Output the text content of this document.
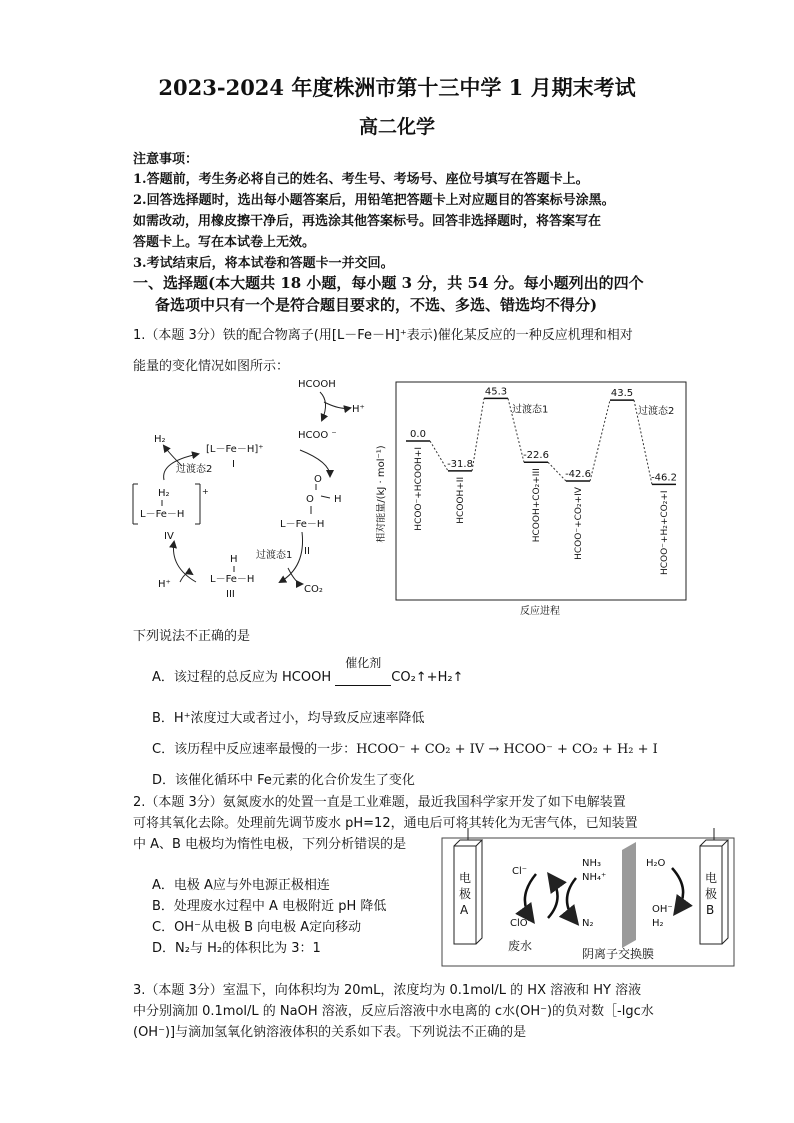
2023-2024 年度株洲市第十三中学 1 月期末考试
高二化学
注意事项：
1.答题前，考生务必将自己的姓名、考生号、考场号、座位号填写在答题卡上。
2.回答选择题时，选出每小题答案后，用铅笔把答题卡上对应题目的答案标号涂黑。
如需改动，用橡皮擦干净后，再选涂其他答案标号。回答非选择题时，将答案写在
答题卡上。写在本试卷上无效。
3.考试结束后，将本试卷和答题卡一并交回。
一、选择题(本大题共 18 小题，每小题 3 分，共 54 分。每小题列出的四个
备选项中只有一个是符合题目要求的，不选、多选、错选均不得分)
1.（本题 3分）铁的配合物离子(用[L－Fe－H]⁺表示)催化某反应的一种反应机理和相对
能量的变化情况如图所示：
HCOOH
H⁺
HCOO ⁻
H₂
过渡态2
[L－Fe－H]⁺
I
II
过渡态1
III
IV
CO₂
H⁺
O
O H
L－Fe－H
H₂
L－Fe－H
+
H
L－Fe－H
相对能量/(kJ · mol⁻¹)
反应进程
HCOO⁻+HCOOH+I
0.0
HCOOH+II
-31.8
过渡态1
45.3
HCOOH+CO₂+III
-22.6
HCOO⁻+CO₂+IV
-42.6
过渡态2
43.5
HCOO⁻+H₂+CO₂+I
-46.2
下列说法不正确的是
A．该过程的总反应为 HCOOH
催化剂
CO₂↑+H₂↑
B．H⁺浓度过大或者过小，均导致反应速率降低
C．该历程中反应速率最慢的一步：HCOO⁻ + CO₂ + IV → HCOO⁻ + CO₂ + H₂ + I
D．该催化循环中 Fe元素的化合价发生了变化
2.（本题 3分）氨氮废水的处置一直是工业难题，最近我国科学家开发了如下电解装置
可将其氧化去除。处理前先调节废水 pH=12，通电后可将其转化为无害气体，已知装置
中 A、B 电极均为惰性电极，下列分析错误的是
A．电极 A应与外电源正极相连
B．处理废水过程中 A 电极附近 pH 降低
C．OH⁻从电极 B 向电极 A定向移动
D．N₂与 H₂的体积比为 3：1
电
极
A
电
极
B
Cl⁻
ClO⁻
NH₃
NH₄⁺
N₂
H₂O
OH⁻
H₂
废水
阴离子交换膜
3.（本题 3分）室温下，向体积均为 20mL，浓度均为 0.1mol/L 的 HX 溶液和 HY 溶液
中分别滴加 0.1mol/L 的 NaOH 溶液，反应后溶液中水电离的 c水(OH⁻)的负对数［-lgc水
(OH⁻)]与滴加氢氧化钠溶液体积的关系如下表。下列说法不正确的是
